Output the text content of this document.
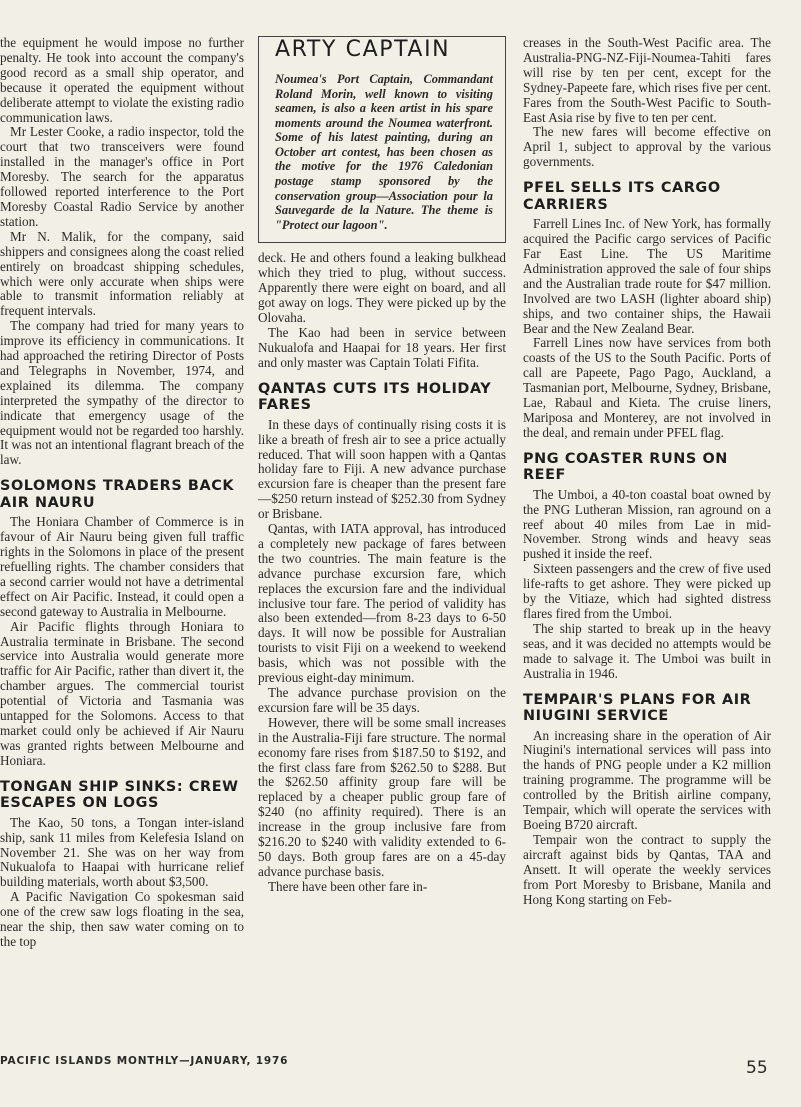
the equipment he would impose no further penalty. He took into account the company's good record as a small ship operator, and because it operated the equipment without deliberate attempt to violate the existing radio communication laws.

Mr Lester Cooke, a radio inspector, told the court that two transceivers were found installed in the manager's office in Port Moresby. The search for the apparatus followed reported interference to the Port Moresby Coastal Radio Service by another station.

Mr N. Malik, for the company, said shippers and consignees along the coast relied entirely on broadcast shipping schedules, which were only accurate when ships were able to transmit information reliably at frequent intervals.

The company had tried for many years to improve its efficiency in communications. It had approached the retiring Director of Posts and Telegraphs in November, 1974, and explained its dilemma. The company interpreted the sympathy of the director to indicate that emergency usage of the equipment would not be regarded too harshly. It was not an intentional flagrant breach of the law.

SOLOMONS TRADERS BACK AIR NAURU

The Honiara Chamber of Commerce is in favour of Air Nauru being given full traffic rights in the Solomons in place of the present refuelling rights. The chamber considers that a second carrier would not have a detrimental effect on Air Pacific. Instead, it could open a second gateway to Australia in Melbourne.

Air Pacific flights through Honiara to Australia terminate in Brisbane. The second service into Australia would generate more traffic for Air Pacific, rather than divert it, the chamber argues. The commercial tourist potential of Victoria and Tasmania was untapped for the Solomons. Access to that market could only be achieved if Air Nauru was granted rights between Melbourne and Honiara.

TONGAN SHIP SINKS: CREW ESCAPES ON LOGS

The Kao, 50 tons, a Tongan inter-island ship, sank 11 miles from Kelefesia Island on November 21. She was on her way from Nukualofa to Haapai with hurricane relief building materials, worth about $3,500.

A Pacific Navigation Co spokesman said one of the crew saw logs floating in the sea, near the ship, then saw water coming on to the top

ARTY CAPTAIN

Noumea's Port Captain, Commandant Roland Morin, well known to visiting seamen, is also a keen artist in his spare moments around the Noumea waterfront. Some of his latest painting, during an October art contest, has been chosen as the motive for the 1976 Caledonian postage stamp sponsored by the conservation group—Association pour la Sauvegarde de la Nature. The theme is "Protect our lagoon".

deck. He and others found a leaking bulkhead which they tried to plug, without success. Apparently there were eight on board, and all got away on logs. They were picked up by the Olovaha.

The Kao had been in service between Nukualofa and Haapai for 18 years. Her first and only master was Captain Tolati Fifita.

QANTAS CUTS ITS HOLIDAY FARES

In these days of continually rising costs it is like a breath of fresh air to see a price actually reduced. That will soon happen with a Qantas holiday fare to Fiji. A new advance purchase excursion fare is cheaper than the present fare—$250 return instead of $252.30 from Sydney or Brisbane.

Qantas, with IATA approval, has introduced a completely new package of fares between the two countries. The main feature is the advance purchase excursion fare, which replaces the excursion fare and the individual inclusive tour fare. The period of validity has also been extended—from 8-23 days to 6-50 days. It will now be possible for Australian tourists to visit Fiji on a weekend to weekend basis, which was not possible with the previous eight-day minimum.

The advance purchase provision on the excursion fare will be 35 days.

However, there will be some small increases in the Australia-Fiji fare structure. The normal economy fare rises from $187.50 to $192, and the first class fare from $262.50 to $288. But the $262.50 affinity group fare will be replaced by a cheaper public group fare of $240 (no affinity required). There is an increase in the group inclusive fare from $216.20 to $240 with validity extended to 6-50 days. Both group fares are on a 45-day advance purchase basis.

There have been other fare in-

creases in the South-West Pacific area. The Australia-PNG-NZ-Fiji-Noumea-Tahiti fares will rise by ten per cent, except for the Sydney-Papeete fare, which rises five per cent. Fares from the South-West Pacific to South-East Asia rise by five to ten per cent.

The new fares will become effective on April 1, subject to approval by the various governments.

PFEL SELLS ITS CARGO CARRIERS

Farrell Lines Inc. of New York, has formally acquired the Pacific cargo services of Pacific Far East Line. The US Maritime Administration approved the sale of four ships and the Australian trade route for $47 million. Involved are two LASH (lighter aboard ship) ships, and two container ships, the Hawaii Bear and the New Zealand Bear.

Farrell Lines now have services from both coasts of the US to the South Pacific. Ports of call are Papeete, Pago Pago, Auckland, a Tasmanian port, Melbourne, Sydney, Brisbane, Lae, Rabaul and Kieta. The cruise liners, Mariposa and Monterey, are not involved in the deal, and remain under PFEL flag.

PNG COASTER RUNS ON REEF

The Umboi, a 40-ton coastal boat owned by the PNG Lutheran Mission, ran aground on a reef about 40 miles from Lae in mid-November. Strong winds and heavy seas pushed it inside the reef.

Sixteen passengers and the crew of five used life-rafts to get ashore. They were picked up by the Vitiaze, which had sighted distress flares fired from the Umboi.

The ship started to break up in the heavy seas, and it was decided no attempts would be made to salvage it. The Umboi was built in Australia in 1946.

TEMPAIR'S PLANS FOR AIR NIUGINI SERVICE

An increasing share in the operation of Air Niugini's international services will pass into the hands of PNG people under a K2 million training programme. The programme will be controlled by the British airline company, Tempair, which will operate the services with Boeing B720 aircraft.

Tempair won the contract to supply the aircraft against bids by Qantas, TAA and Ansett. It will operate the weekly services from Port Moresby to Brisbane, Manila and Hong Kong starting on Feb-

PACIFIC ISLANDS MONTHLY—JANUARY, 1976	55
